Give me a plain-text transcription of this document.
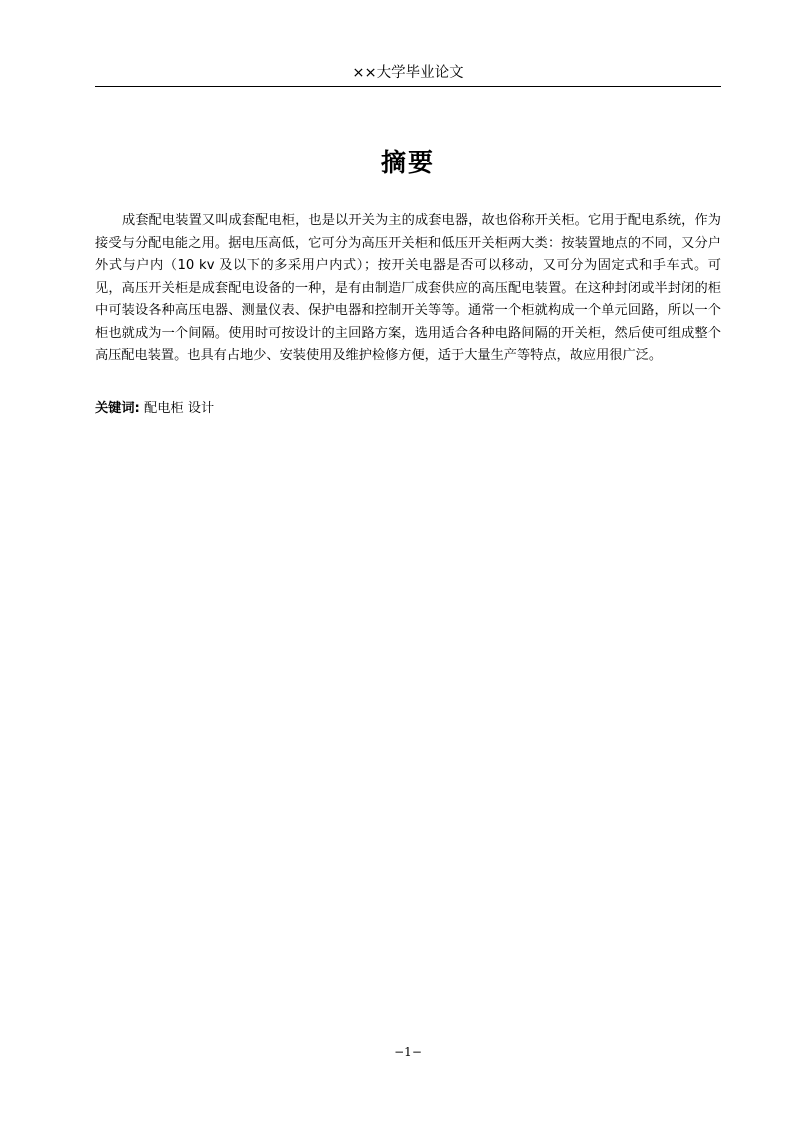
××大学毕业论文
摘要

成套配电装置又叫成套配电柜，也是以开关为主的成套电器，故也俗称开关柜。它用于配电系统，作为接受与分配电能之用。据电压高低，它可分为高压开关柜和低压开关柜两大类：按装置地点的不同，又分户外式与户内（10 kv 及以下的多采用户内式）；按开关电器是否可以移动，又可分为固定式和手车式。可见，高压开关柜是成套配电设备的一种，是有由制造厂成套供应的高压配电装置。在这种封闭或半封闭的柜中可装设各种高压电器、测量仪表、保护电器和控制开关等等。通常一个柜就构成一个单元回路，所以一个柜也就成为一个间隔。使用时可按设计的主回路方案，选用适合各种电路间隔的开关柜，然后使可组成整个高压配电装置。也具有占地少、安装使用及维护检修方便，适于大量生产等特点，故应用很广泛。

关键词: 配电柜 设计
−1−
